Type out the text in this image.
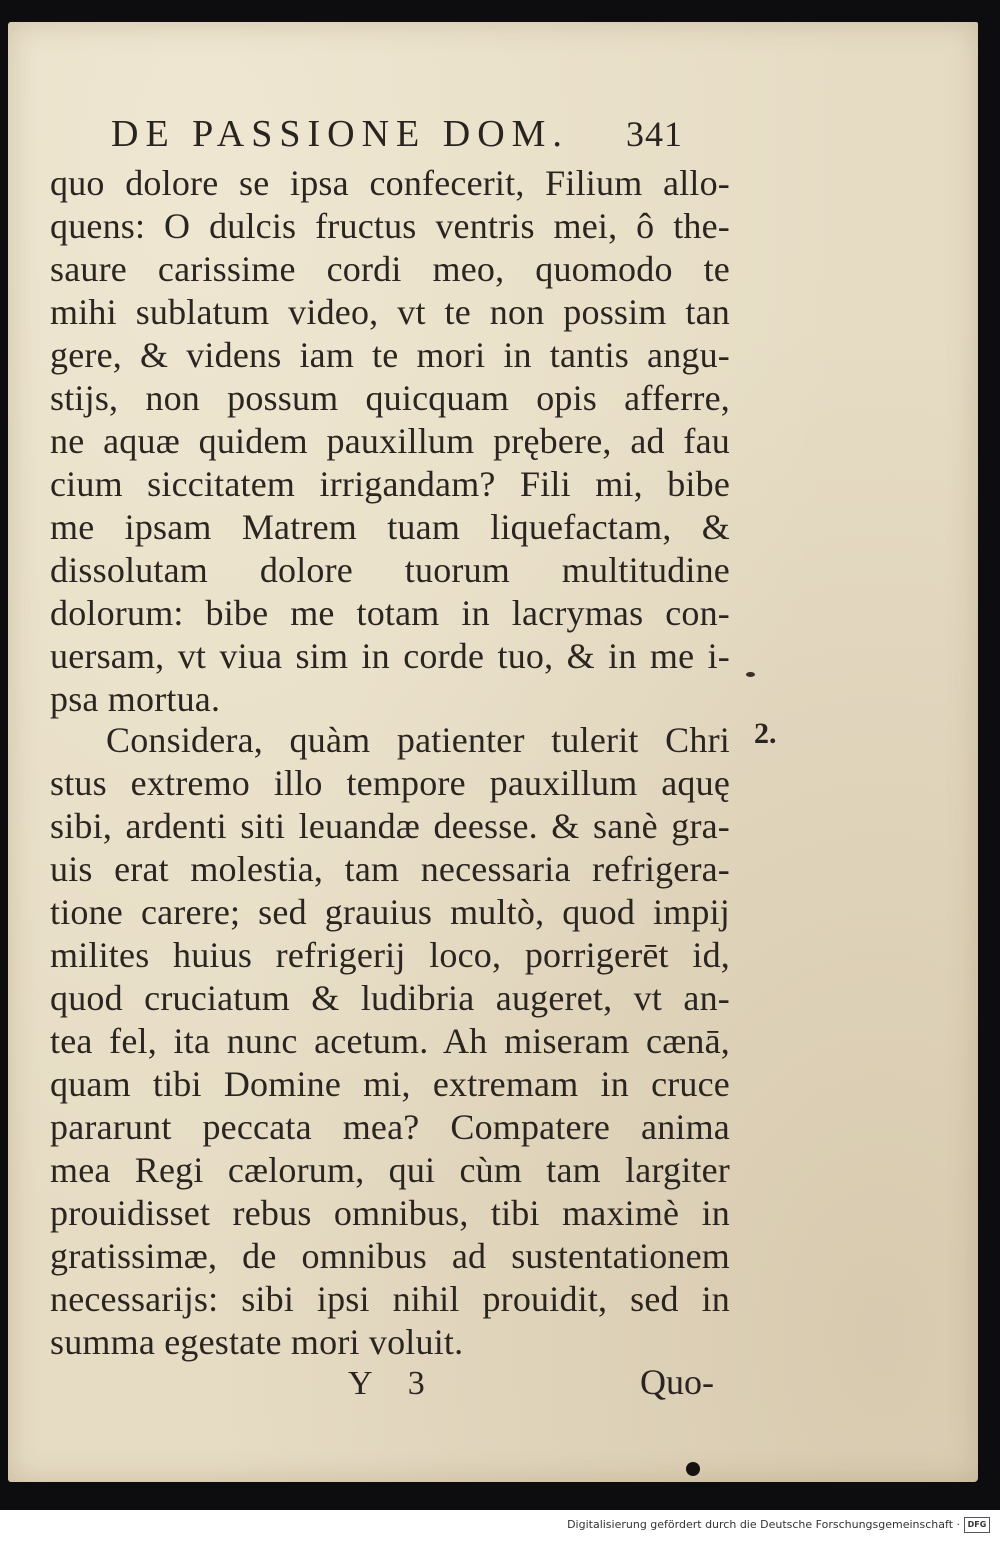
DE PASSIONE DOM. 341
quo dolore se ipsa confecerit, Filium allo-
quens: O dulcis fructus ventris mei, ô the-
saure carissime cordi meo, quomodo te
mihi sublatum video, vt te non possim tan
gere, & videns iam te mori in tantis angu-
stijs, non possum quicquam opis afferre,
ne aquæ quidem pauxillum prębere, ad fau
cium siccitatem irrigandam? Fili mi, bibe
me ipsam Matrem tuam liquefactam, &
dissolutam dolore tuorum multitudine
dolorum: bibe me totam in lacrymas con-
uersam, vt viua sim in corde tuo, & in me i-
psa mortua.
2.
Considera, quàm patienter tulerit Chri
stus extremo illo tempore pauxillum aquę
sibi, ardenti siti leuandæ deesse. & sanè gra-
uis erat molestia, tam necessaria refrigera-
tione carere; sed grauius multò, quod impij
milites huius refrigerij loco, porrigerēt id,
quod cruciatum & ludibria augeret, vt an-
tea fel, ita nunc acetum. Ah miseram cænā,
quam tibi Domine mi, extremam in cruce
pararunt peccata mea? Compatere anima
mea Regi cælorum, qui cùm tam largiter
prouidisset rebus omnibus, tibi maximè in
gratissimæ, de omnibus ad sustentationem
necessarijs: sibi ipsi nihil prouidit, sed in
summa egestate mori voluit.
Y 3	Quo-
Digitalisierung gefördert durch die Deutsche Forschungsgemeinschaft · DFG
